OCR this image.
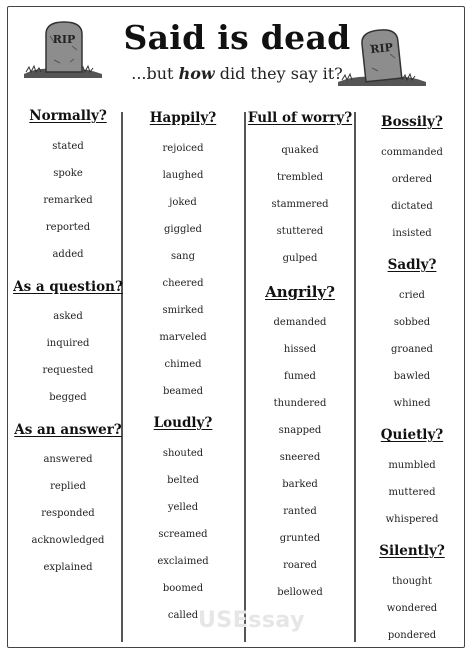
RIP
RIP
Said is dead
...but how did they say it?
Normally?
stated
spoke
remarked
reported
added
As a question?
asked
inquired
requested
begged
As an answer?
answered
replied
responded
acknowledged
explained
Happily?
rejoiced
laughed
joked
giggled
sang
cheered
smirked
marveled
chimed
beamed
Loudly?
shouted
belted
yelled
screamed
exclaimed
boomed
called
Full of worry?
quaked
trembled
stammered
stuttered
gulped
Angrily?
demanded
hissed
fumed
thundered
snapped
sneered
barked
ranted
grunted
roared
bellowed
Bossily?
commanded
ordered
dictated
insisted
Sadly?
cried
sobbed
groaned
bawled
whined
Quietly?
mumbled
muttered
whispered
Silently?
thought
wondered
pondered
USEssay
